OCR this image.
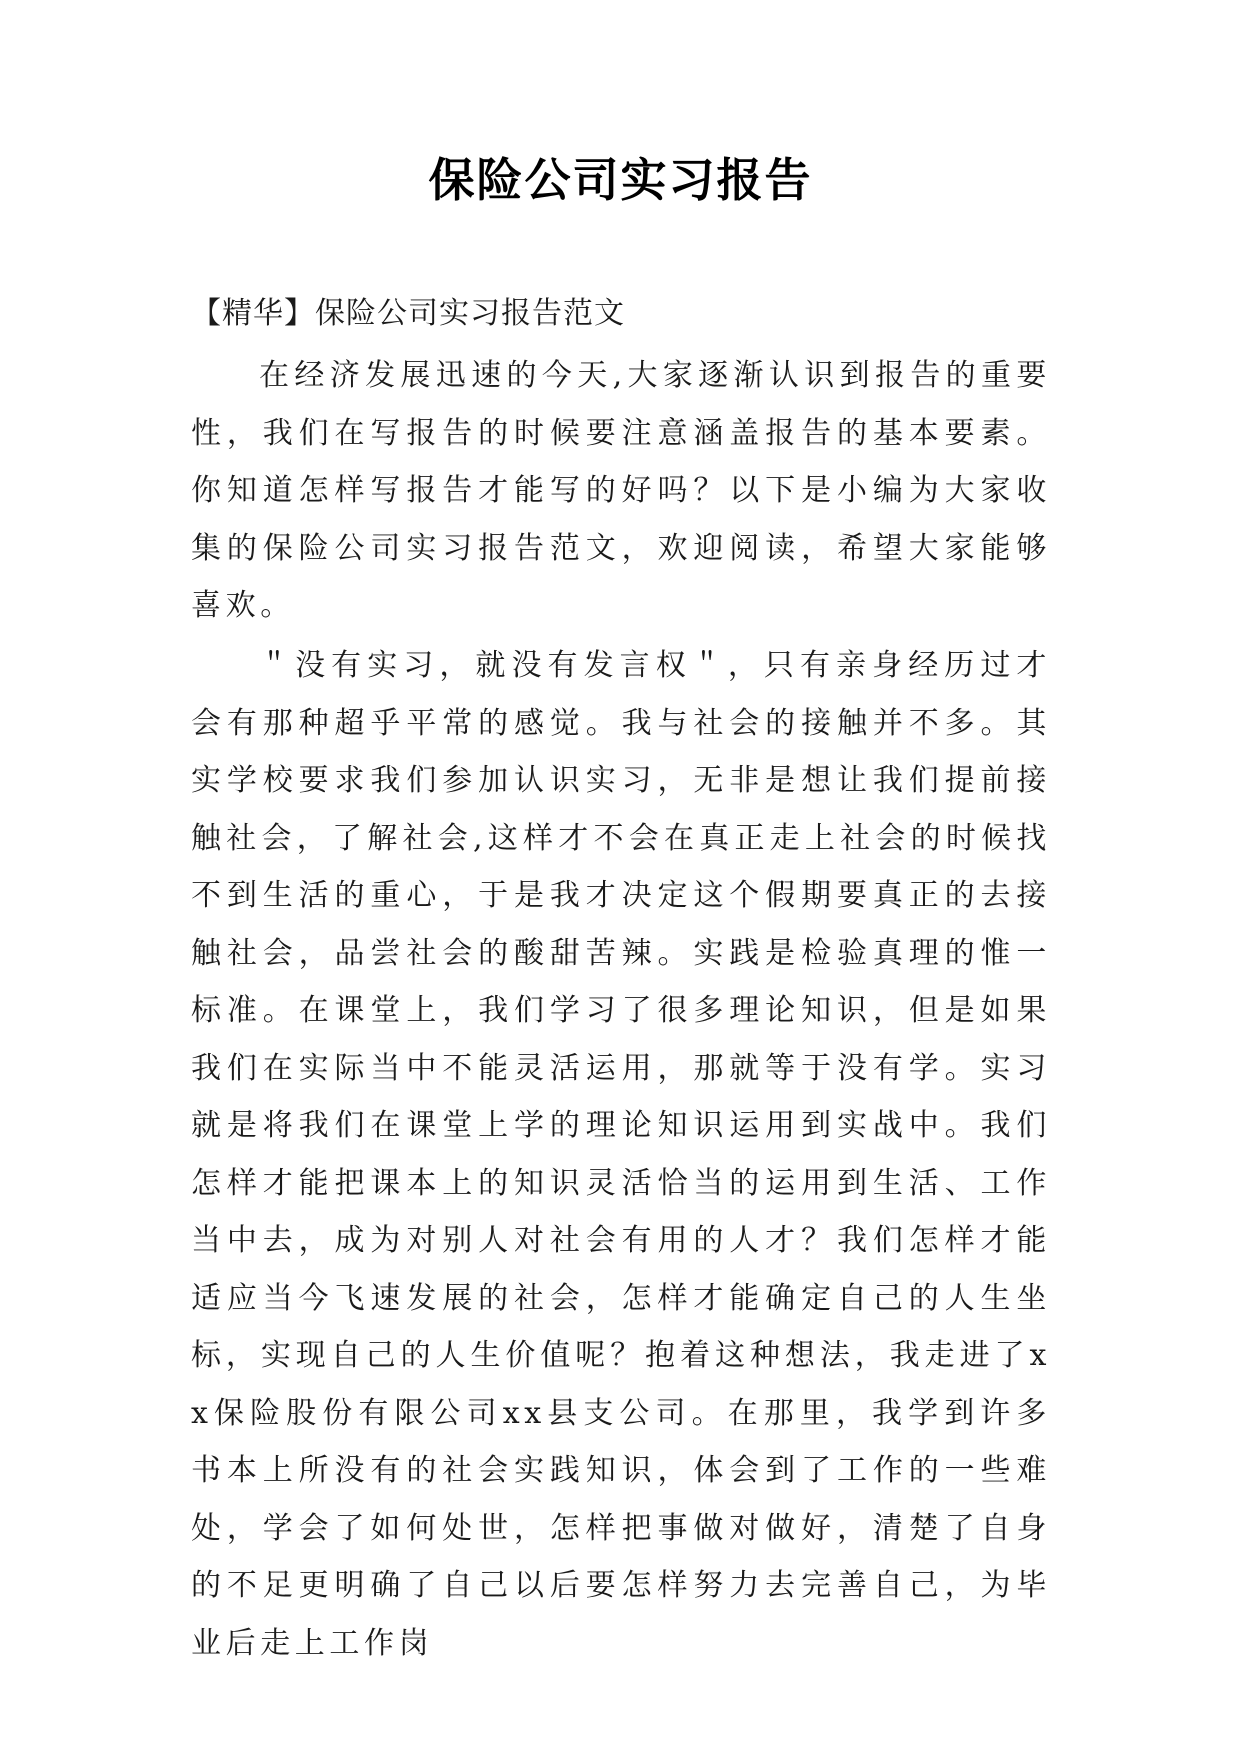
保险公司实习报告
【精华】保险公司实习报告范文
在经济发展迅速的今天,大家逐渐认识到报告的重要性，我们在写报告的时候要注意涵盖报告的基本要素。你知道怎样写报告才能写的好吗？以下是小编为大家收集的保险公司实习报告范文，欢迎阅读，希望大家能够喜欢。
＂没有实习，就没有发言权＂，只有亲身经历过才会有那种超乎平常的感觉。我与社会的接触并不多。其实学校要求我们参加认识实习，无非是想让我们提前接触社会，了解社会,这样才不会在真正走上社会的时候找不到生活的重心，于是我才决定这个假期要真正的去接触社会，品尝社会的酸甜苦辣。实践是检验真理的惟一标准。在课堂上，我们学习了很多理论知识，但是如果我们在实际当中不能灵活运用，那就等于没有学。实习就是将我们在课堂上学的理论知识运用到实战中。我们怎样才能把课本上的知识灵活恰当的运用到生活、工作当中去，成为对别人对社会有用的人才？我们怎样才能适应当今飞速发展的社会，怎样才能确定自己的人生坐标，实现自己的人生价值呢？抱着这种想法，我走进了xx保险股份有限公司xx县支公司。在那里，我学到许多书本上所没有的社会实践知识，体会到了工作的一些难处，学会了如何处世，怎样把事做对做好，清楚了自身的不足更明确了自己以后要怎样努力去完善自己，为毕业后走上工作岗
